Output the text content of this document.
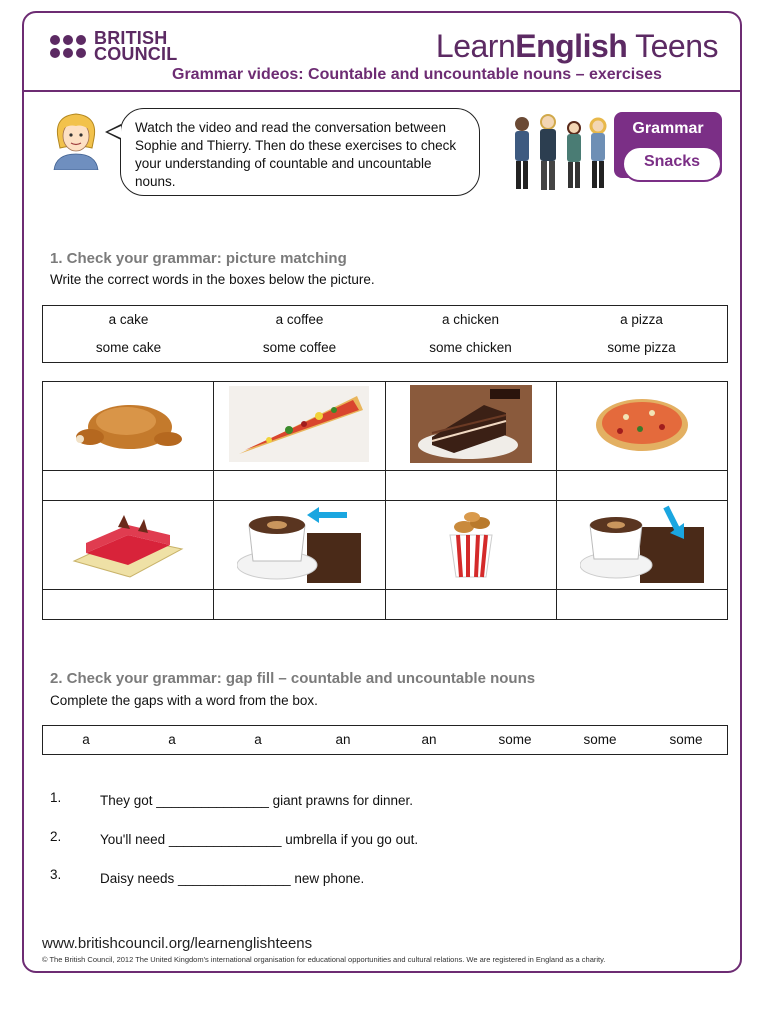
BRITISH
COUNCIL	LearnEnglish Teens
Grammar videos: Countable and uncountable nouns – exercises
Watch the video and read the conversation between Sophie and Thierry. Then do these exercises to check your understanding of countable and uncountable nouns.
Grammar
Snacks
1. Check your grammar: picture matching
Write the correct words in the boxes below the picture.
a cake	a coffee	a chicken	a pizza
some cake	some coffee	some chicken	some pizza

2. Check your grammar: gap fill – countable and uncountable nouns
Complete the gaps with a word from the box.
a	a	a	an	an	some	some	some
1.	They got _______________ giant prawns for dinner.
2.	You'll need _______________ umbrella if you go out.
3.	Daisy needs _______________ new phone.
www.britishcouncil.org/learnenglishteens
© The British Council, 2012 The United Kingdom's international organisation for educational opportunities and cultural relations. We are registered in England as a charity.
